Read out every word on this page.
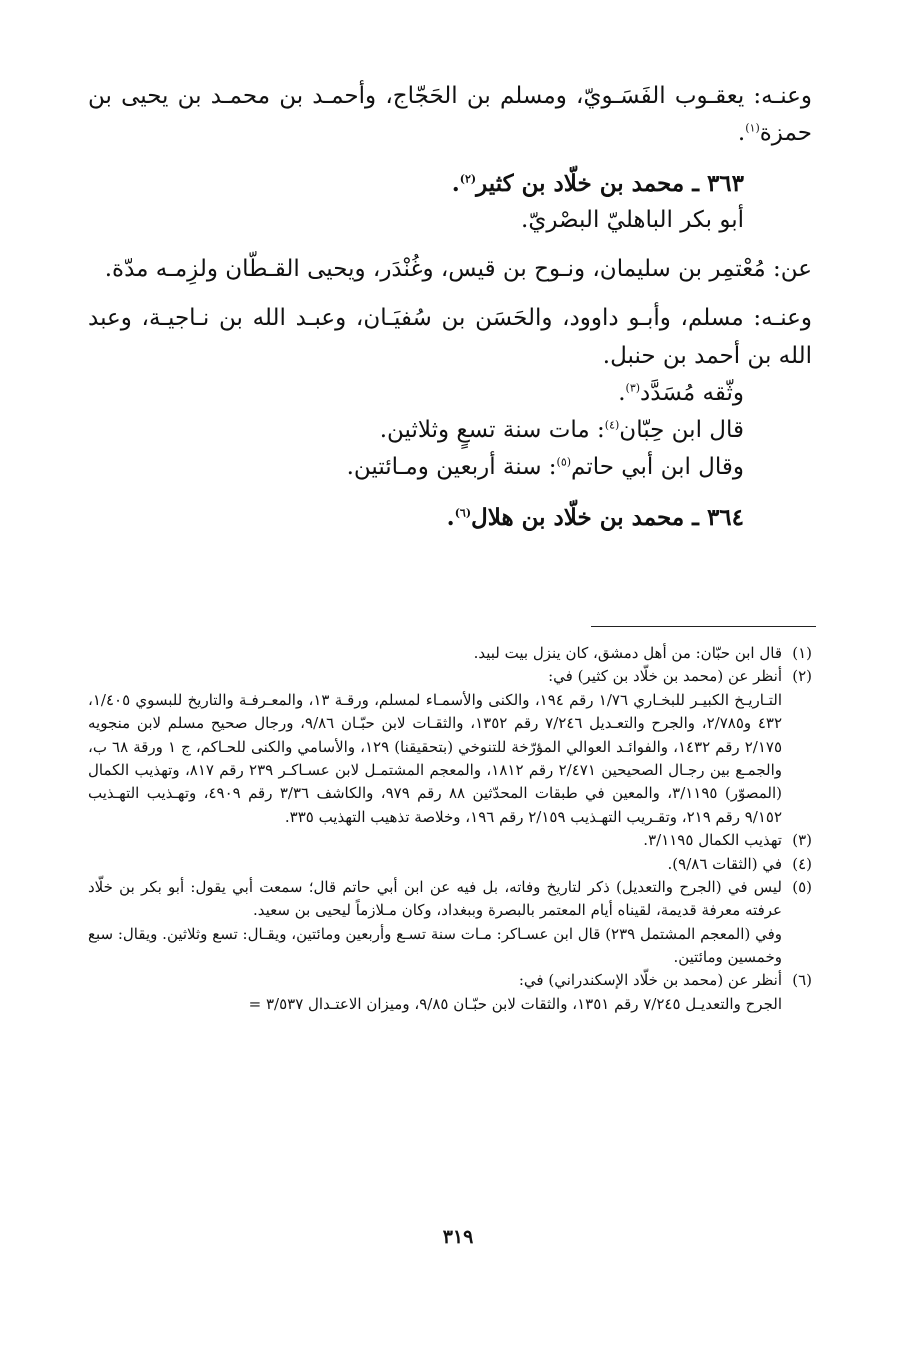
وعنـه: يعقـوب الفَسَـويّ، ومسلم بن الحَجّاج، وأحمـد بن محمـد بن يحيى بن حمزة$^{(١)}$.

٣٦٣ ـ محمد بن خلّاد بن كثير$^{(٢)}$.

أبو بكر الباهليّ البصْريّ.

عن: مُعْتمِر بن سليمان، ونـوح بن قيس، وغُنْدَر، ويحيى القـطّان ولزِمـه مدّة.

وعنـه: مسلم، وأبـو داوود، والحَسَن بن سُفيَـان، وعبـد الله بن نـاجيـة، وعبد الله بن أحمد بن حنبل.

وثّقه مُسَدَّد$^{(٣)}$.

قال ابن حِبّان$^{(٤)}$: مات سنة تسعٍ وثلاثين.

وقال ابن أبي حاتم$^{(٥)}$: سنة أربعين ومـائتين.

٣٦٤ ـ محمد بن خلّاد بن هلال$^{(٦)}$.

(١)

قال ابن حبّان: من أهل دمشق، كان ينزل بيت لبيد.

(٢)

أنظر عن (محمد بن خلّاد بن كثير) في:

التـاريـخ الكبيـر للبخـاري ١/٧٦ رقم ١٩٤، والكنى والأسمـاء لمسلم، ورقـة ١٣، والمعـرفـة والتاريخ للبسوي ١/٤٠٥، ٤٣٢ و٢/٧٨٥، والجرح والتعـديل ٧/٢٤٦ رقم ١٣٥٢، والثقـات لابن حبّـان ٩/٨٦، ورجال صحيح مسلم لابن منجويه ٢/١٧٥ رقم ١٤٣٢، والفوائـد العوالي المؤرّخة للتنوخي (بتحقيقنا) ١٢٩، والأسامي والكنى للحـاكم، ج ١ ورقة ٦٨ ب، والجمـع بين رجـال الصحيحين ٢/٤٧١ رقم ١٨١٢، والمعجم المشتمـل لابن عسـاكـر ٢٣٩ رقم ٨١٧، وتهذيب الكمال (المصوّر) ٣/١١٩٥، والمعين في طبقات المحدّثين ٨٨ رقم ٩٧٩، والكاشف ٣/٣٦ رقم ٤٩٠٩، وتهـذيب التهـذيب ٩/١٥٢ رقم ٢١٩، وتقـريب التهـذيب ٢/١٥٩ رقم ١٩٦، وخلاصة تذهيب التهذيب ٣٣٥.

(٣)

تهذيب الكمال ٣/١١٩٥.

(٤)

في (الثقات ٩/٨٦).

(٥)

ليس في (الجرح والتعديل) ذكر لتاريخ وفاته، بل فيه عن ابن أبي حاتم قال؛ سمعت أبي يقول: أبو بكر بن خلّاد عرفته معرفة قديمة، لقيناه أيام المعتمر بالبصرة وببغداد، وكان مـلازماً ليحيى بن سعيد.

وفي (المعجم المشتمل ٢٣٩) قال ابن عسـاكر: مـات سنة تسـع وأربعين ومائتين، ويقـال: تسع وثلاثين. ويقال: سبع وخمسين ومائتين.

(٦)

أنظر عن (محمد بن خلّاد الإسكندراني) في:

الجرح والتعديـل ٧/٢٤٥ رقم ١٣٥١، والثقات لابن حبّـان ٩/٨٥، وميزان الاعتـدال ٣/٥٣٧ =

٣١٩
